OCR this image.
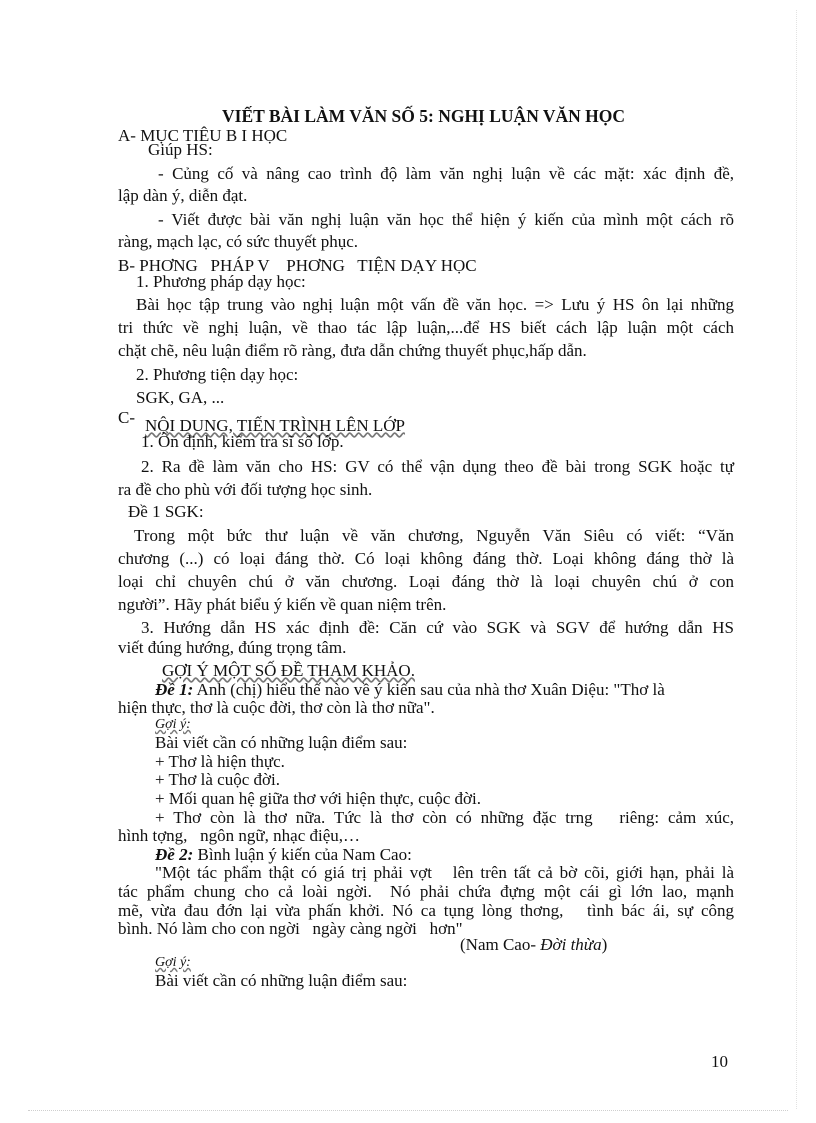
VIẾT BÀI LÀM VĂN SỐ 5: NGHỊ LUẬN VĂN HỌC
A- MỤC TIÊU B I HỌC
Giúp HS:
- Củng cố và nâng cao trình độ làm văn nghị luận về các mặt: xác định đề,
lập dàn ý, diễn đạt.
- Viết được bài văn nghị luận văn học thể hiện ý kiến của mình một cách rõ
ràng, mạch lạc, có sức thuyết phục.
B- PHƠNG   PHÁP V    PHƠNG   TIỆN DẠY HỌC
1. Phương pháp dạy học:
Bài học tập trung vào nghị luận một vấn đề văn học. => Lưu ý HS ôn lại những
tri thức về nghị luận, về thao tác lập luận,...để HS biết cách lập luận một cách
chặt chẽ, nêu luận điểm rõ ràng, đưa dẫn chứng thuyết phục,hấp dẫn.
2. Phương tiện dạy học:
SGK, GA, ...
C- NỘI DUNG, TIẾN TRÌNH LÊN LỚP
1. Ổn định, kiểm tra sĩ số lớp.
2. Ra đề làm văn cho HS: GV có thể vận dụng theo đề bài trong SGK hoặc tự
ra đề cho phù với đối tượng học sinh.
Đề 1 SGK:
Trong một bức thư luận về văn chương, Nguyễn Văn Siêu có viết: “Văn
chương (...) có loại đáng thờ. Có loại không đáng thờ. Loại không đáng thờ là
loại chỉ chuyên chú ở văn chương. Loại đáng thờ là loại chuyên chú ở con
người”. Hãy phát biểu ý kiến về quan niệm trên.
3. Hướng dẫn HS xác định đề: Căn cứ vào SGK và SGV để hướng dẫn HS
viết đúng hướng, đúng trọng tâm.
GỢI Ý MỘT SỐ ĐỀ THAM KHẢO.
Đề 1: Anh (chị) hiểu thế nào về ý kiến sau của nhà thơ Xuân Diệu: "Thơ là
hiện thực, thơ là cuộc đời, thơ còn là thơ nữa".
Gợi ý:
Bài viết cần có những luận điểm sau:
+ Thơ là hiện thực.
+ Thơ là cuộc đời.
+ Mối quan hệ giữa thơ với hiện thực, cuộc đời.
+ Thơ còn là thơ nữa. Tức là thơ còn có những đặc trng   riêng: cảm xúc,
hình tợng,   ngôn ngữ, nhạc điệu,…
Đề 2: Bình luận ý kiến của Nam Cao:
"Một tác phẩm thật có giá trị phải vợt   lên trên tất cả bờ cõi, giới hạn, phải là
tác phẩm chung cho cả loài ngời.  Nó phải chứa đựng một cái gì lớn lao, mạnh
mẽ, vừa đau đớn lại vừa phấn khởi. Nó ca tụng lòng thơng,   tình bác ái, sự công
bình. Nó làm cho con ngời   ngày càng ngời   hơn"
(Nam Cao- Đời thừa)
Gợi ý:
Bài viết cần có những luận điểm sau:
10
